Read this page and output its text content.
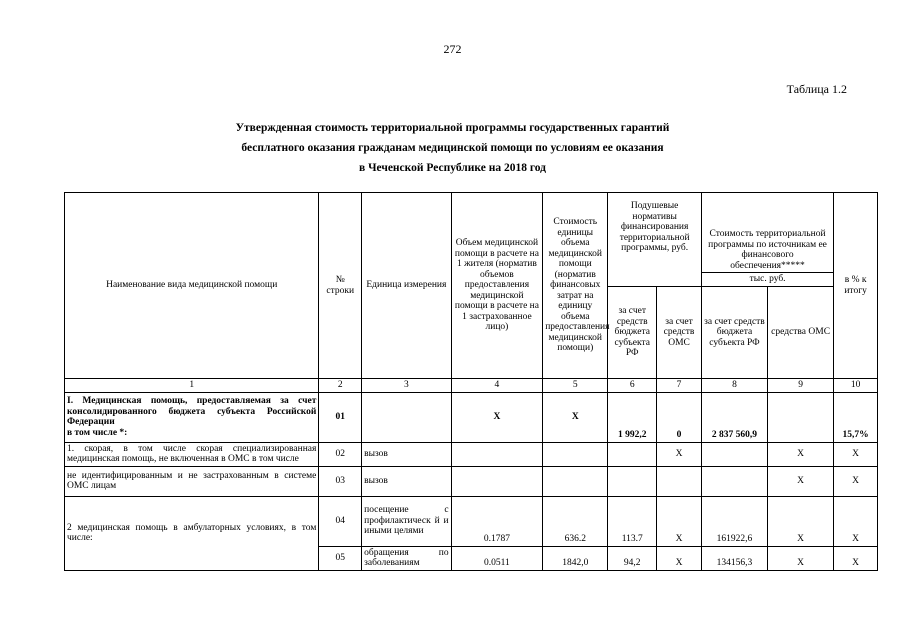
272
Таблица 1.2
Утвержденная стоимость территориальной программы государственных гарантий
бесплатного оказания гражданам медицинской помощи по условиям ее оказания
в Чеченской Республике на 2018 год
Наименование вида медицинской помощи	№ строки	Единица измерения	Объем медицинской помощи в расчете на 1 жителя (норматив объемов предоставления медицинской помощи в расчете на 1 застрахованное лицо)	Стоимость единицы объема медицинской помощи (норматив финансовых затрат на единицу объема предоставления медицинской помощи)	Подушевые нормативы финансирования территориальной программы, руб.		Стоимость территориальной программы по источникам ее финансового обеспечения*****		в % к итогу
							тыс. руб.		
					за счет средств бюджета субъекта РФ	за счет средств ОМС	за счет средств бюджета субъекта РФ	средства ОМС	
1	2	3	4	5	6	7	8	9	10
I. Медицинская помощь, предоставляемая за счет консолидированного бюджета субъекта Российской Федерации
в том числе *:	01		X	X	1 992,2	0	2 837 560,9		15,7%
1. скорая, в том числе скорая специализированная медицинская помощь, не включенная в ОМС в том числе	02	вызов				X		X	X
не идентифицированным и не застрахованным в системе ОМС лицам	03	вызов						X	X
2 медицинская помощь в амбулаторных условиях, в том числе:	04	посещение с профилактическ й и иными целями	0.1787	636.2	113.7	X	161922,6	X	X
	05	обращения по заболеваниям	0.0511	1842,0	94,2	X	134156,3	X	X
